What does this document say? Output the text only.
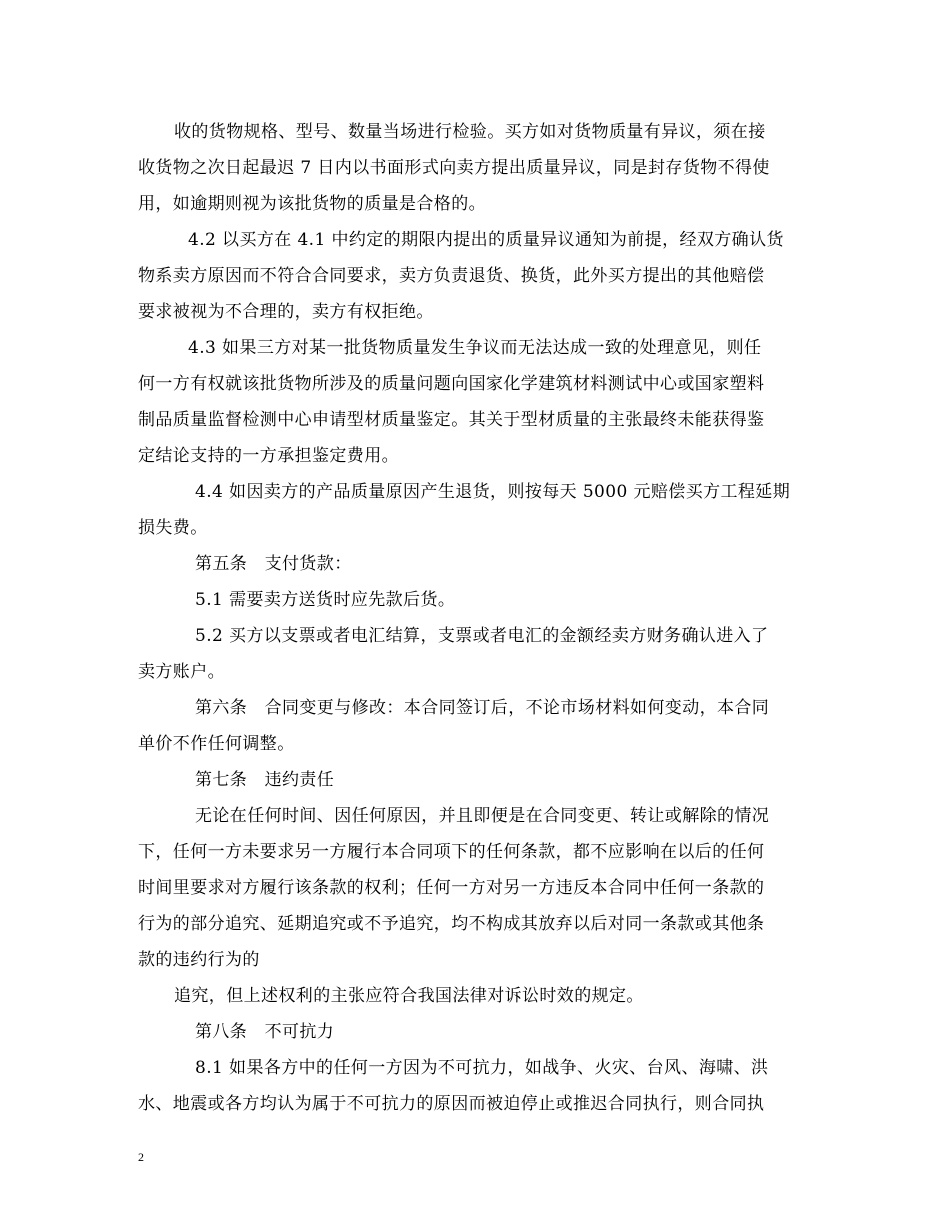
收的货物规格、型号、数量当场进行检验。买方如对货物质量有异议，须在接
收货物之次日起最迟 7 日内以书面形式向卖方提出质量异议，同是封存货物不得使
用，如逾期则视为该批货物的质量是合格的。
4.2 以买方在 4.1 中约定的期限内提出的质量异议通知为前提，经双方确认货
物系卖方原因而不符合合同要求，卖方负责退货、换货，此外买方提出的其他赔偿
要求被视为不合理的，卖方有权拒绝。
4.3 如果三方对某一批货物质量发生争议而无法达成一致的处理意见，则任
何一方有权就该批货物所涉及的质量问题向国家化学建筑材料测试中心或国家塑料
制品质量监督检测中心申请型材质量鉴定。其关于型材质量的主张最终未能获得鉴
定结论支持的一方承担鉴定费用。
4.4 如因卖方的产品质量原因产生退货，则按每天 5000 元赔偿买方工程延期
损失费。
第五条　支付货款：
5.1 需要卖方送货时应先款后货。
5.2 买方以支票或者电汇结算，支票或者电汇的金额经卖方财务确认进入了
卖方账户。
第六条　合同变更与修改：本合同签订后，不论市场材料如何变动，本合同
单价不作任何调整。
第七条　违约责任
无论在任何时间、因任何原因，并且即便是在合同变更、转让或解除的情况
下，任何一方未要求另一方履行本合同项下的任何条款，都不应影响在以后的任何
时间里要求对方履行该条款的权利；任何一方对另一方违反本合同中任何一条款的
行为的部分追究、延期追究或不予追究，均不构成其放弃以后对同一条款或其他条
款的违约行为的
追究，但上述权利的主张应符合我国法律对诉讼时效的规定。
第八条　不可抗力
8.1 如果各方中的任何一方因为不可抗力，如战争、火灾、台风、海啸、洪
水、地震或各方均认为属于不可抗力的原因而被迫停止或推迟合同执行，则合同执
2
